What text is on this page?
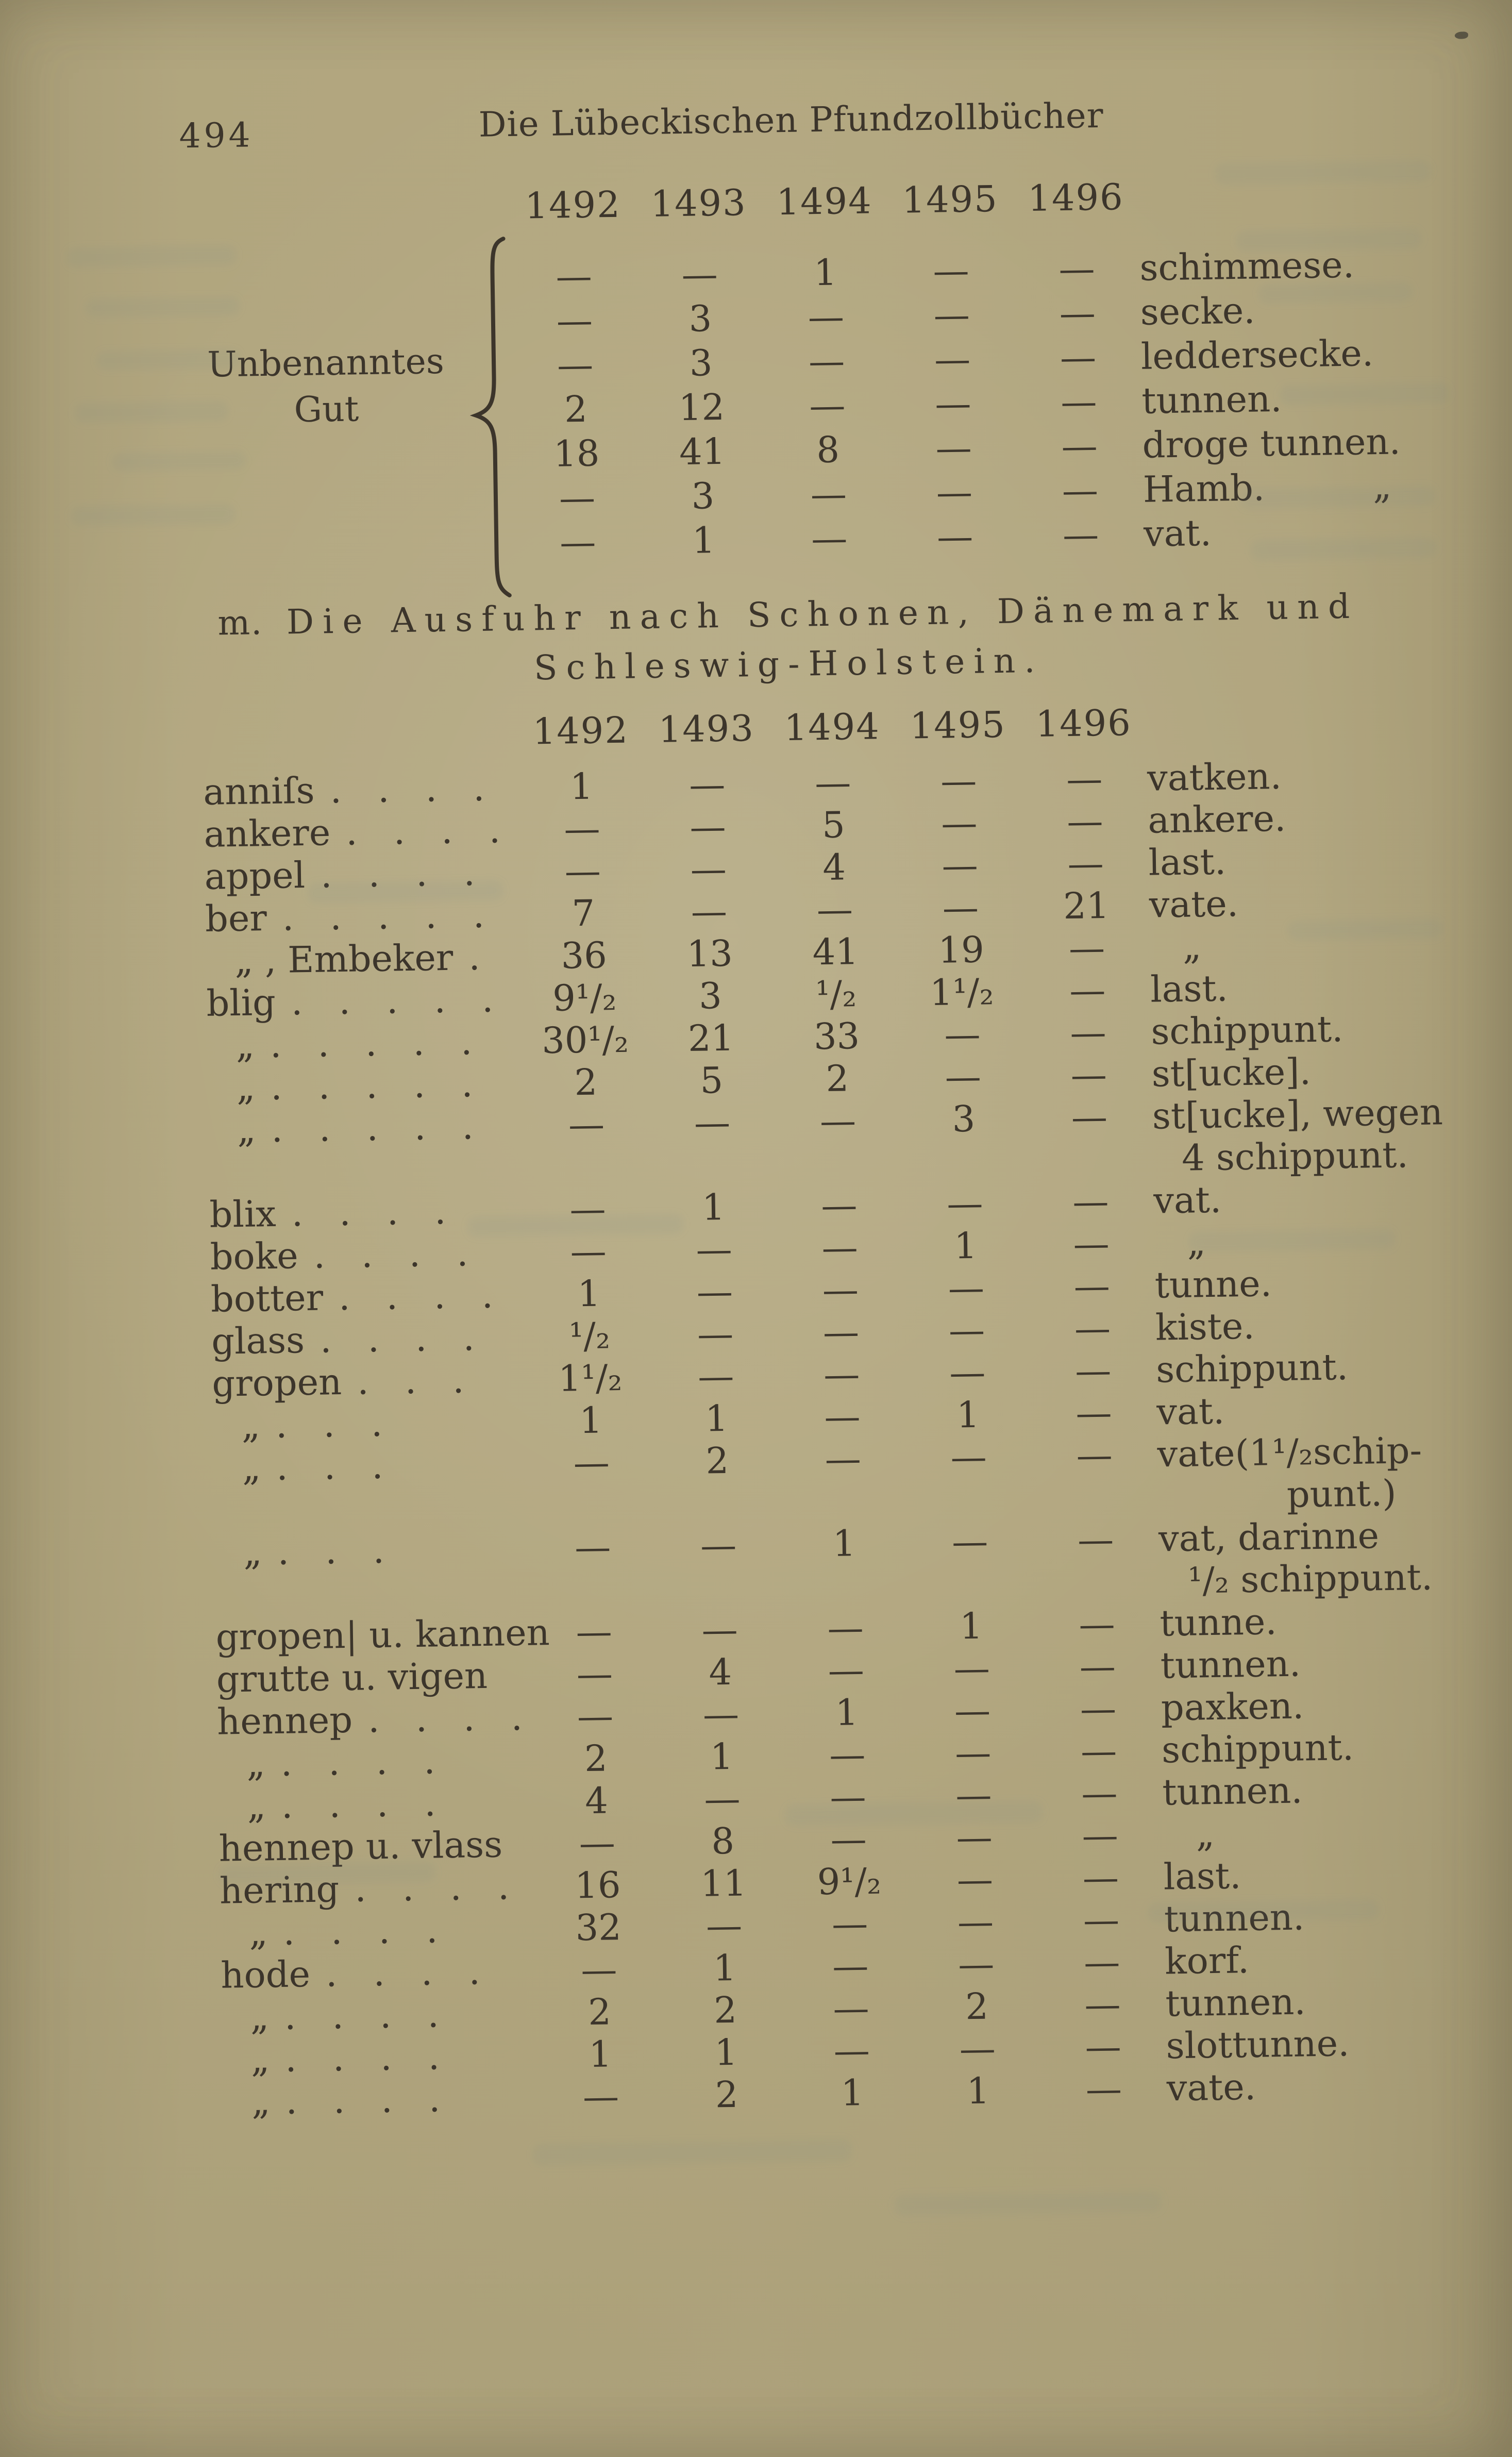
494	Die Lübeckischen Pfundzollbücher
1492 1493 1494 1495 1496
Unbenanntes
Gut
—	—	1	—	—	schimmese.
—	3	—	—	—	secke.
—	3	—	—	—	leddersecke.
2	12	—	—	—	tunnen.
18	41	8	—	—	droge tunnen.
—	3	—	—	—	Hamb.   „
—	1	—	—	—	vat.
m. Die Ausfuhr nach Schonen, Dänemark und
Schleswig-Holstein.
1492 1493 1494 1495 1496
anniſs . . . .	1	—	—	—	—	vatken.
ankere . . . .	—	—	5	—	—	ankere.
appel . . . .	—	—	4	—	—	last.
ber . . . . .	7	—	—	—	21	vate.
„ , Embeker .	36	13	41	19	—	„
blig . . . . .	9¹/₂	3	¹/₂	1¹/₂	—	last.
„ . . . . .	30¹/₂	21	33	—	—	schippunt.
„ . . . . .	2	5	2	—	—	st[ucke].
„ . . . . .	—	—	—	3	—	st[ucke], wegen
4 schippunt.
blix . . . .	—	1	—	—	—	vat.
boke . . . .	—	—	—	1	—	„
botter . . . .	1	—	—	—	—	tunne.
glass . . . .	¹/₂	—	—	—	—	kiste.
gropen . . .	1¹/₂	—	—	—	—	schippunt.
„ . . .	1	1	—	1	—	vat.
„ . . .	—	2	—	—	—	vate(1¹/₂schip-
punt.)
„ . . .	—	—	1	—	—	vat, darinne
¹/₂ schippunt.
gropen| u. kannen —	—	—	1	—	tunne.
grutte u. vigen	—	4	—	—	—	tunnen.
hennep . . . .	—	—	1	—	—	paxken.
„ . . . .	2	1	—	—	—	schippunt.
„ . . . .	4	—	—	—	—	tunnen.
hennep u. vlass	—	8	—	—	—	„
hering . . . .	16	11	9¹/₂	—	—	last.
„ . . . .	32	—	—	—	—	tunnen.
hode . . . .	—	1	—	—	—	korf.
„ . . . .	2	2	—	2	—	tunnen.
„ . . . .	1	1	—	—	—	slottunne.
„ . . . .	—	2	1	1	—	vate.
